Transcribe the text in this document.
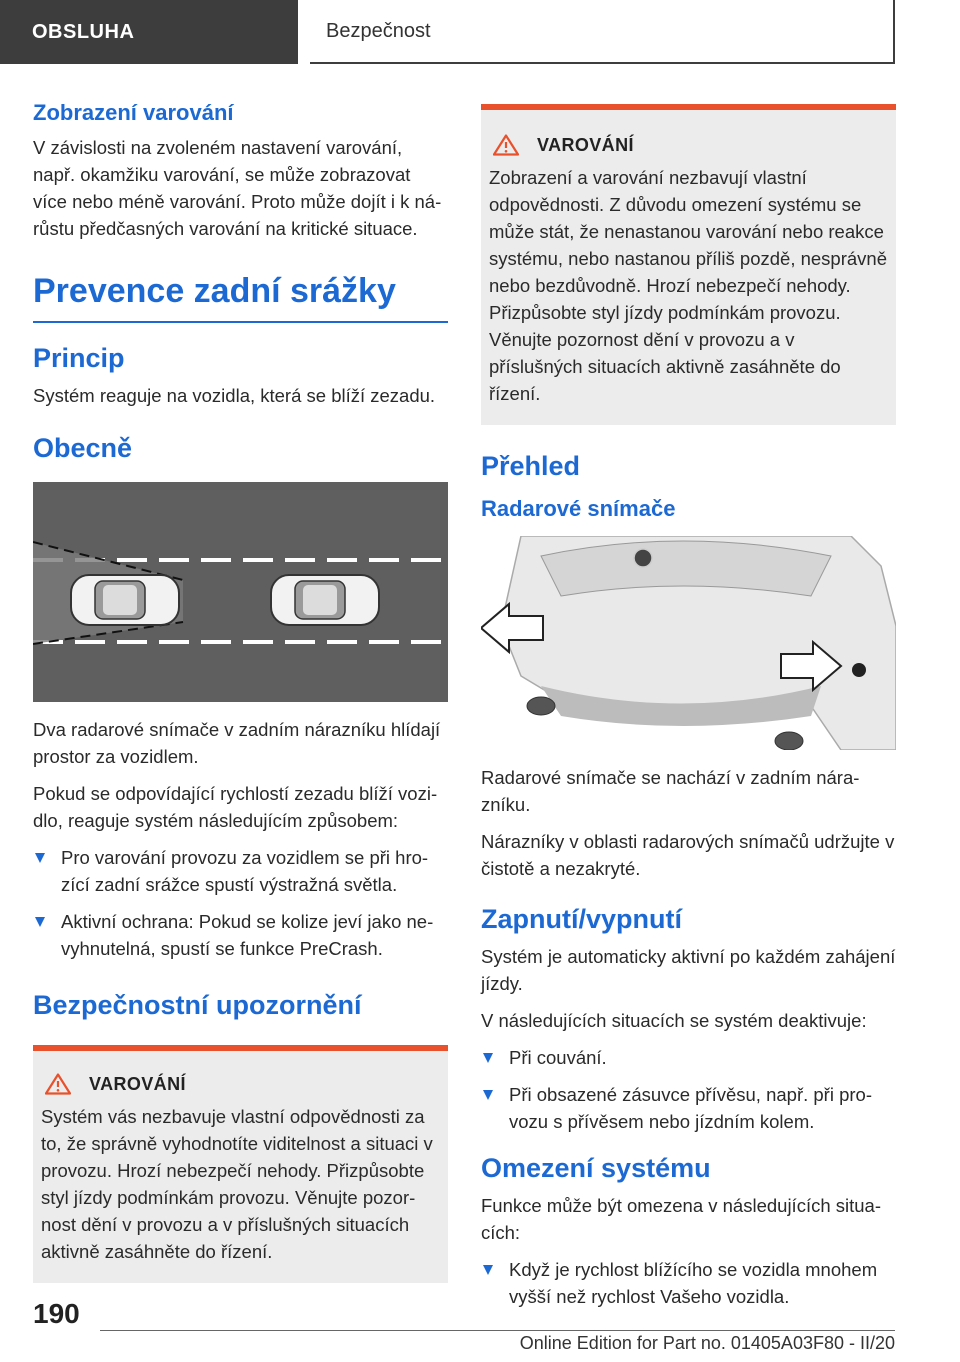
OBSLUHA	Bezpečnost
Zobrazení varování

V závislosti na zvoleném nastavení varování, např. okamžiku varování, se může zobrazovat více nebo méně varování. Proto může dojít i k nárůstu předčasných varování na kritické situace.

Prevence zadní srážky
Princip

Systém reaguje na vozidla, která se blíží zezadu.

Obecně

Dva radarové snímače v zadním nárazníku hlídají prostor za vozidlem.

Pokud se odpovídající rychlostí zezadu blíží vozidlo, reaguje systém následujícím způsobem:

Pro varování provozu za vozidlem se při hrozící zadní srážce spustí výstražná světla.
Aktivní ochrana: Pokud se kolize jeví jako nevyhnutelná, spustí se funkce PreCrash.
Bezpečnostní upozornění
VAROVÁNÍ

Systém vás nezbavuje vlastní odpovědnosti za to, že správně vyhodnotíte viditelnost a situaci v provozu. Hrozí nebezpečí nehody. Přizpůsobte styl jízdy podmínkám provozu. Věnujte pozornost dění v provozu a v příslušných situacích aktivně zasáhněte do řízení.

VAROVÁNÍ

Zobrazení a varování nezbavují vlastní odpovědnosti. Z důvodu omezení systému se může stát, že nenastanou varování nebo reakce systému, nebo nastanou příliš pozdě, nesprávně nebo bezdůvodně. Hrozí nebezpečí nehody. Přizpůsobte styl jízdy podmínkám provozu. Věnujte pozornost dění v provozu a v příslušných situacích aktivně zasáhněte do řízení.

Přehled
Radarové snímače

Radarové snímače se nachází v zadním nárazníku.

Nárazníky v oblasti radarových snímačů udržujte v čistotě a nezakryté.

Zapnutí/vypnutí

Systém je automaticky aktivní po každém zahájení jízdy.

V následujících situacích se systém deaktivuje:

Při couvání.
Při obsazené zásuvce přívěsu, např. při provozu s přívěsem nebo jízdním kolem.
Omezení systému

Funkce může být omezena v následujících situacích:

Když je rychlost blížícího se vozidla mnohem vyšší než rychlost Vašeho vozidla.
190
Online Edition for Part no. 01405A03F80 - II/20
